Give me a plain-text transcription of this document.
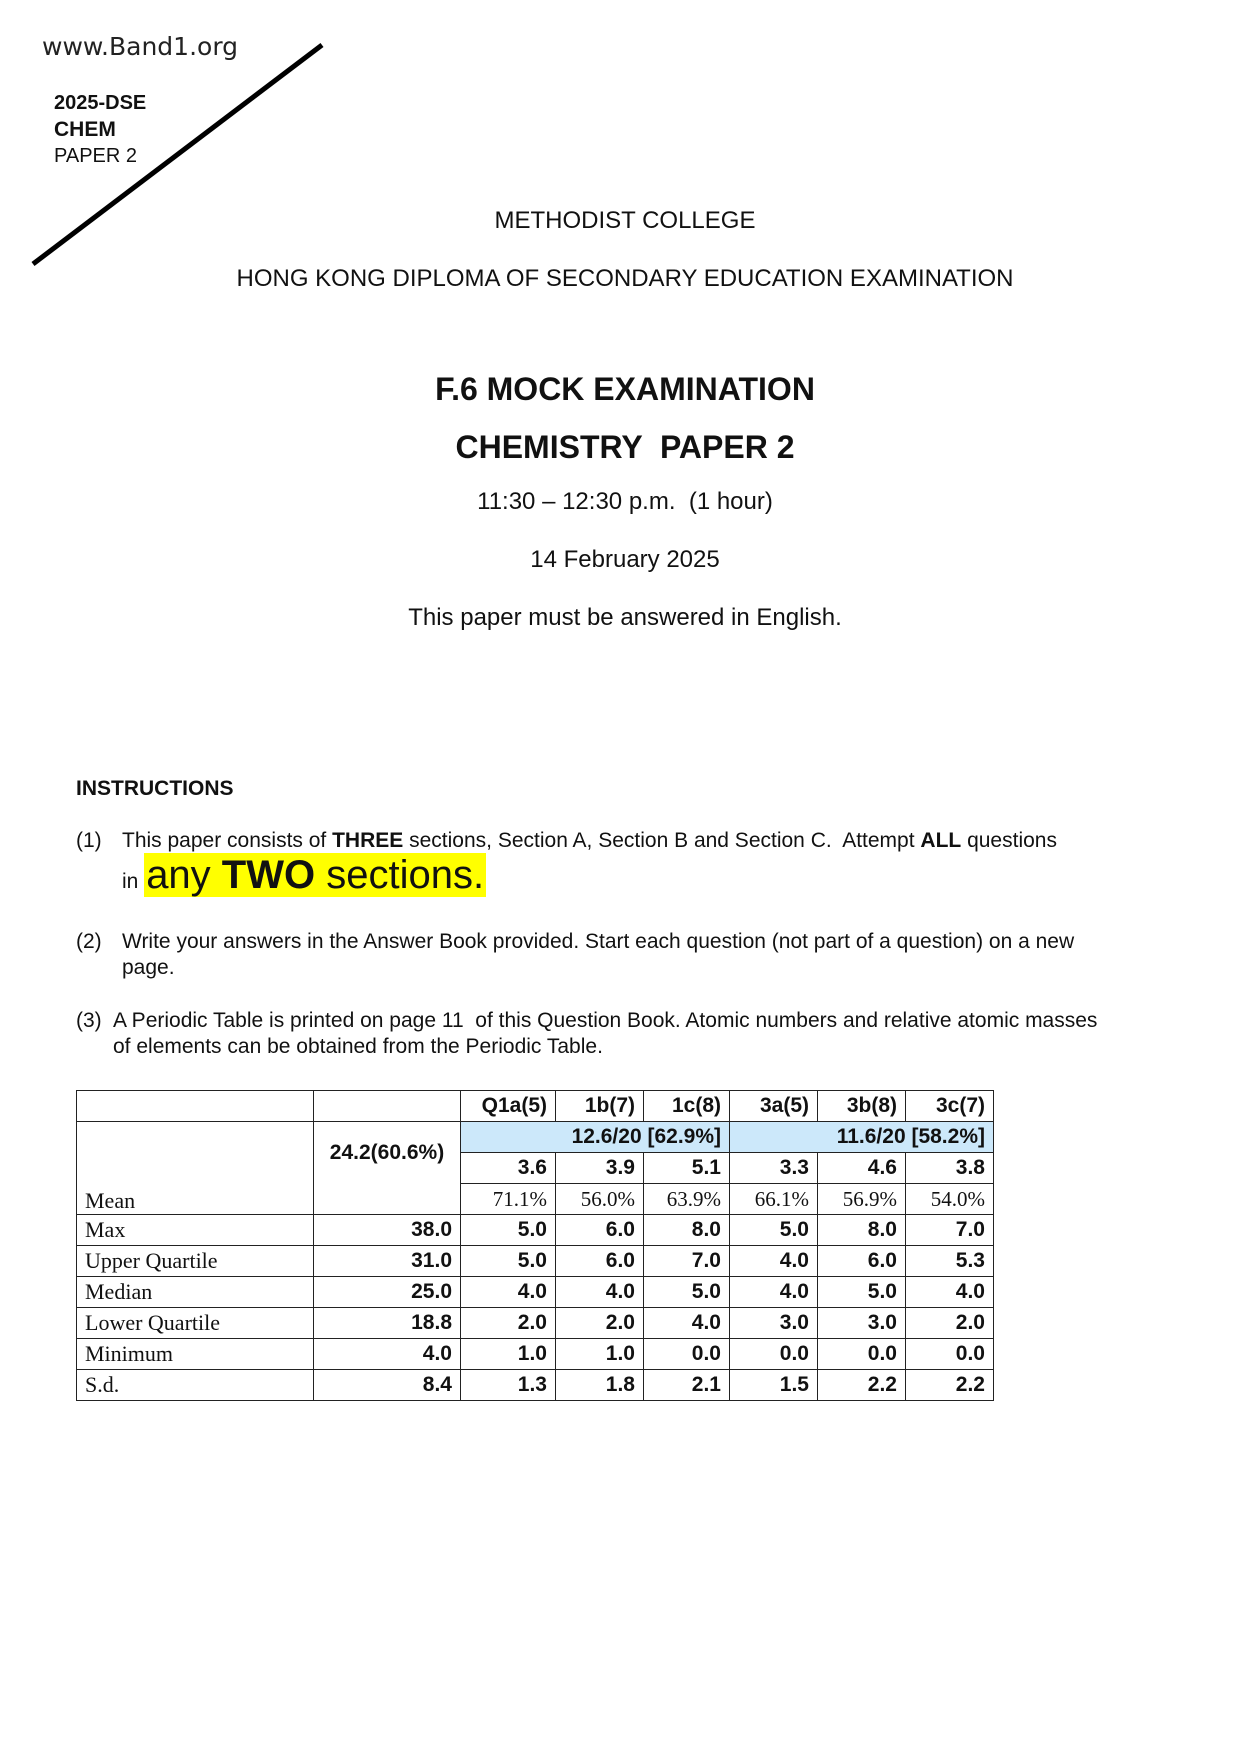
www.Band1.org
2025-DSE
CHEM
PAPER 2
METHODIST COLLEGE
HONG KONG DIPLOMA OF SECONDARY EDUCATION EXAMINATION
F.6 MOCK EXAMINATION
CHEMISTRY  PAPER 2
11:30 – 12:30 p.m.  (1 hour)
14 February 2025
This paper must be answered in English.
INSTRUCTIONS
(1) This paper consists of THREE sections, Section A, Section B and Section C.  Attempt ALL questions
in any TWO sections.
(2) Write your answers in the Answer Book provided. Start each question (not part of a question) on a new
page.
(3) A Periodic Table is printed on page 11  of this Question Book. Atomic numbers and relative atomic masses
of elements can be obtained from the Periodic Table.
		Q1a(5)	1b(7)	1c(8)	3a(5)	3b(8)	3c(7)
Mean	24.2(60.6%)	12.6/20 [62.9%]			11.6/20 [58.2%]		
		3.6	3.9	5.1	3.3	4.6	3.8
		71.1%	56.0%	63.9%	66.1%	56.9%	54.0%
Max	38.0	5.0	6.0	8.0	5.0	8.0	7.0
Upper Quartile	31.0	5.0	6.0	7.0	4.0	6.0	5.3
Median	25.0	4.0	4.0	5.0	4.0	5.0	4.0
Lower Quartile	18.8	2.0	2.0	4.0	3.0	3.0	2.0
Minimum	4.0	1.0	1.0	0.0	0.0	0.0	0.0
S.d.	8.4	1.3	1.8	2.1	1.5	2.2	2.2
